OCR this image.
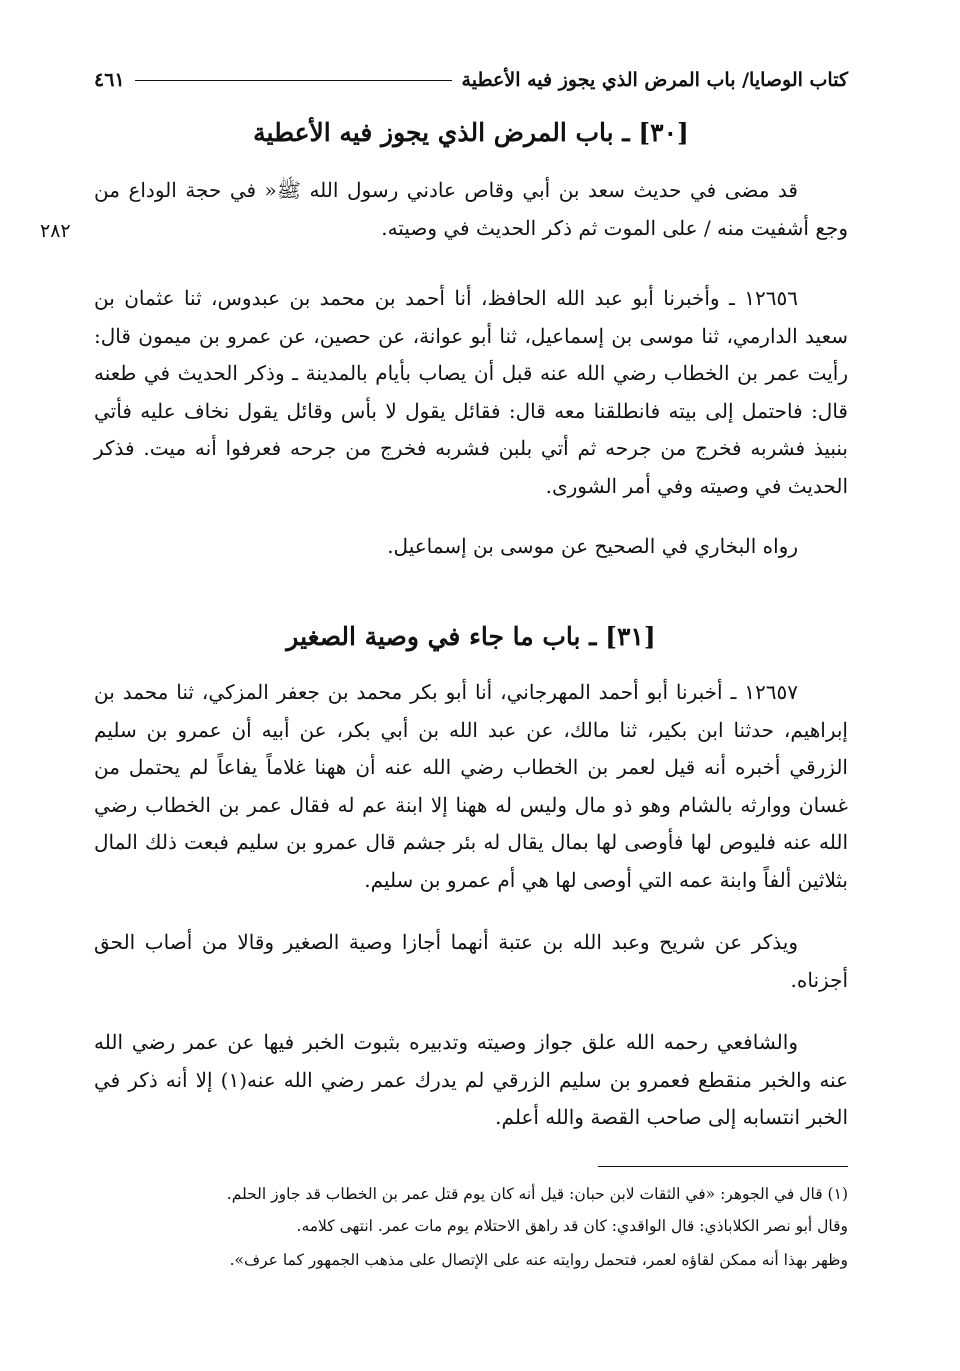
كتاب الوصايا/ باب المرض الذي يجوز فيه الأعطية
٤٦١
[٣٠] ـ باب المرض الذي يجوز فيه الأعطية
قد مضى في حديث سعد بن أبي وقاص عادني رسول الله ﷺ« في حجة الوداع من وجع أشفيت منه / على الموت ثم ذكر الحديث في وصيته.
٢٨٢
١٢٦٥٦ ـ وأخبرنا أبو عبد الله الحافظ، أنا أحمد بن محمد بن عبدوس، ثنا عثمان بن سعيد الدارمي، ثنا موسى بن إسماعيل، ثنا أبو عوانة، عن حصين، عن عمرو بن ميمون قال: رأيت عمر بن الخطاب رضي الله عنه قبل أن يصاب بأيام بالمدينة ـ وذكر الحديث في طعنه قال: فاحتمل إلى بيته فانطلقنا معه قال: فقائل يقول لا بأس وقائل يقول نخاف عليه فأتي بنبيذ فشربه فخرج من جرحه ثم أتي بلبن فشربه فخرج من جرحه فعرفوا أنه ميت. فذكر الحديث في وصيته وفي أمر الشورى.
رواه البخاري في الصحيح عن موسى بن إسماعيل.
[٣١] ـ باب ما جاء في وصية الصغير
١٢٦٥٧ ـ أخبرنا أبو أحمد المهرجاني، أنا أبو بكر محمد بن جعفر المزكي، ثنا محمد بن إبراهيم، حدثنا ابن بكير، ثنا مالك، عن عبد الله بن أبي بكر، عن أبيه أن عمرو بن سليم الزرقي أخبره أنه قيل لعمر بن الخطاب رضي الله عنه أن ههنا غلاماً يفاعاً لم يحتمل من غسان ووارثه بالشام وهو ذو مال وليس له ههنا إلا ابنة عم له فقال عمر بن الخطاب رضي الله عنه فليوص لها فأوصى لها بمال يقال له بئر جشم قال عمرو بن سليم فبعت ذلك المال بثلاثين ألفاً وابنة عمه التي أوصى لها هي أم عمرو بن سليم.
ويذكر عن شريح وعبد الله بن عتبة أنهما أجازا وصية الصغير وقالا من أصاب الحق أجزناه.
والشافعي رحمه الله علق جواز وصيته وتدبيره بثبوت الخبر فيها عن عمر رضي الله عنه والخبر منقطع فعمرو بن سليم الزرقي لم يدرك عمر رضي الله عنه(١) إلا أنه ذكر في الخبر انتسابه إلى صاحب القصة والله أعلم.
(١) قال في الجوهر: «في الثقات لابن حبان: قيل أنه كان يوم قتل عمر بن الخطاب قد جاوز الحلم.
وقال أبو نصر الكلاباذي: قال الواقدي: كان قد راهق الاحتلام يوم مات عمر. انتهى كلامه.
وظهر بهذا أنه ممكن لقاؤه لعمر، فتحمل روايته عنه على الإتصال على مذهب الجمهور كما عرف».
